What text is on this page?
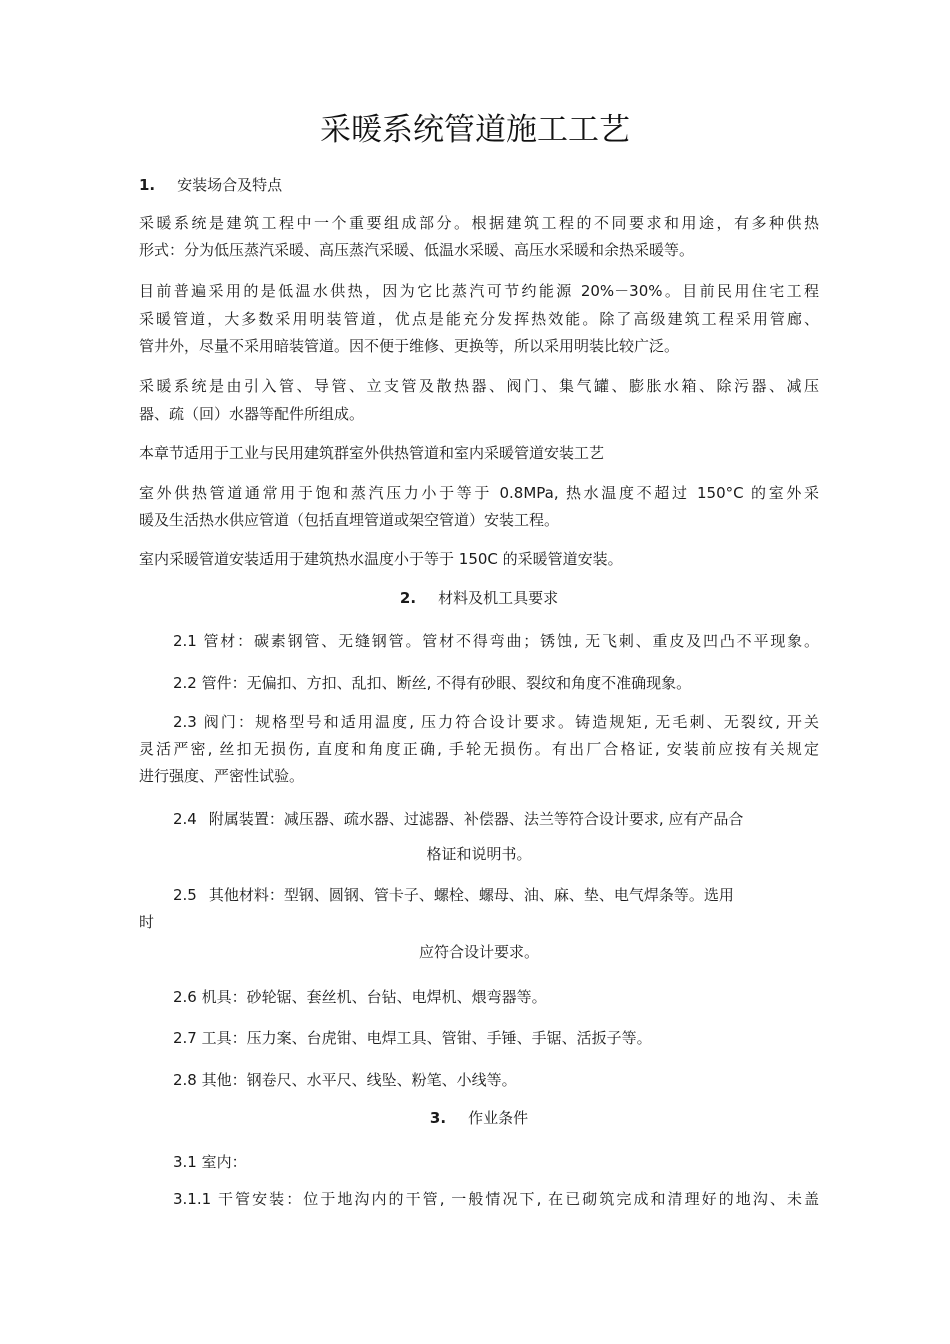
采暖系统管道施工工艺
1. 安装场合及特点
采暖系统是建筑工程中一个重要组成部分。根据建筑工程的不同要求和用途，有多种供热
形式：分为低压蒸汽采暖、高压蒸汽采暖、低温水采暖、高压水采暖和余热采暖等。
目前普遍采用的是低温水供热，因为它比蒸汽可节约能源 20%－30%。目前民用住宅工程
采暖管道，大多数采用明装管道，优点是能充分发挥热效能。除了高级建筑工程采用管廊、
管井外，尽量不采用暗装管道。因不便于维修、更换等，所以采用明装比较广泛。
采暖系统是由引入管、导管、立支管及散热器、阀门、集气罐、膨胀水箱、除污器、减压
器、疏（回）水器等配件所组成。
本章节适用于工业与民用建筑群室外供热管道和室内采暖管道安装工艺
室外供热管道通常用于饱和蒸汽压力小于等于 0.8MPa, 热水温度不超过 150°C 的室外采
暖及生活热水供应管道（包括直埋管道或架空管道）安装工程。
室内采暖管道安装适用于建筑热水温度小于等于 150C 的采暖管道安装。
2. 材料及机工具要求
2.1 管材：碳素钢管、无缝钢管。管材不得弯曲；锈蚀, 无飞刺、重皮及凹凸不平现象。
2.2 管件：无偏扣、方扣、乱扣、断丝, 不得有砂眼、裂纹和角度不准确现象。
2.3 阀门：规格型号和适用温度, 压力符合设计要求。铸造规矩, 无毛刺、无裂纹, 开关
灵活严密, 丝扣无损伤, 直度和角度正确, 手轮无损伤。有出厂合格证, 安装前应按有关规定
进行强度、严密性试验。
2.4 附属装置：减压器、疏水器、过滤器、补偿器、法兰等符合设计要求, 应有产品合
格证和说明书。
2.5 其他材料：型钢、圆钢、管卡子、螺栓、螺母、油、麻、垫、电气焊条等。选用
时
应符合设计要求。
2.6 机具：砂轮锯、套丝机、台钻、电焊机、煨弯器等。
2.7 工具：压力案、台虎钳、电焊工具、管钳、手锤、手锯、活扳子等。
2.8 其他：钢卷尺、水平尺、线坠、粉笔、小线等。
3. 作业条件
3.1 室内：
3.1.1 干管安装：位于地沟内的干管, 一般情况下, 在已砌筑完成和清理好的地沟、未盖
